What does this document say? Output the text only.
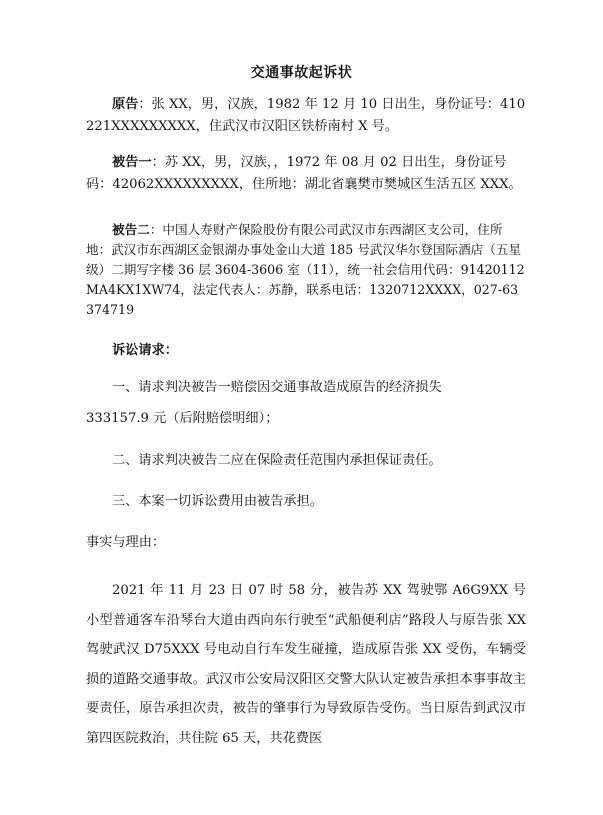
交通事故起诉状
原告：张 XX，男，汉族，1982 年 12 月 10 日出生，身份证号：410221XXXXXXXXX，住武汉市汉阳区铁桥南村 X 号。
被告一：苏 XX，男，汉族，，1972 年 08 月 02 日出生，身份证号码：42062XXXXXXXXX，住所地：湖北省襄樊市樊城区生活五区 XXX。
被告二：中国人寿财产保险股份有限公司武汉市东西湖区支公司，住所地：武汉市东西湖区金银湖办事处金山大道 185 号武汉华尔登国际酒店（五星级）二期写字楼 36 层 3604-3606 室（11），统一社会信用代码：91420112MA4KX1XW74，法定代表人：苏静，联系电话：1320712XXXX，027-63374719
诉讼请求：
一、请求判决被告一赔偿因交通事故造成原告的经济损失
333157.9 元（后附赔偿明细）；
二、请求判决被告二应在保险责任范围内承担保证责任。
三、本案一切诉讼费用由被告承担。
事实与理由：
2021 年 11 月 23 日 07 时 58 分，被告苏 XX 驾驶鄂 A6G9XX 号小型普通客车沿琴台大道由西向东行驶至“武船便利店”路段人与原告张 XX 驾驶武汉 D75XXX 号电动自行车发生碰撞，造成原告张 XX 受伤，车辆受损的道路交通事故。武汉市公安局汉阳区交警大队认定被告承担本事事故主要责任，原告承担次责，被告的肇事行为导致原告受伤。当日原告到武汉市第四医院救治，共住院 65 天，共花费医
